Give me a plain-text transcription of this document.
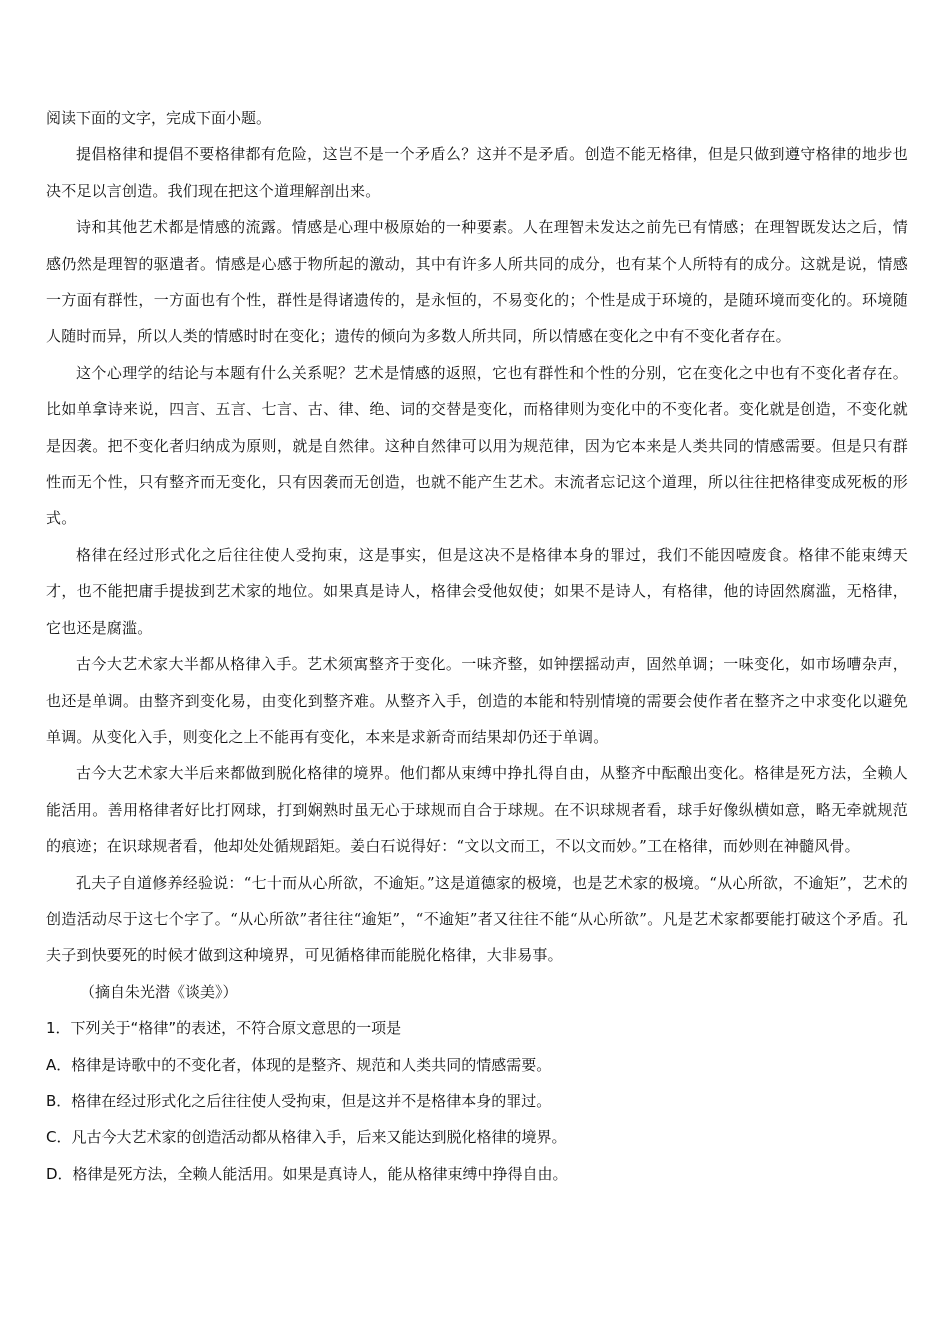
阅读下面的文字，完成下面小题。

提倡格律和提倡不要格律都有危险，这岂不是一个矛盾么？这并不是矛盾。创造不能无格律，但是只做到遵守格律的地步也决不足以言创造。我们现在把这个道理解剖出来。

诗和其他艺术都是情感的流露。情感是心理中极原始的一种要素。人在理智未发达之前先已有情感；在理智既发达之后，情感仍然是理智的驱遣者。情感是心感于物所起的激动，其中有许多人所共同的成分，也有某个人所特有的成分。这就是说，情感一方面有群性，一方面也有个性，群性是得诸遗传的，是永恒的，不易变化的；个性是成于环境的，是随环境而变化的。环境随人随时而异，所以人类的情感时时在变化；遗传的倾向为多数人所共同，所以情感在变化之中有不变化者存在。

这个心理学的结论与本题有什么关系呢？艺术是情感的返照，它也有群性和个性的分别，它在变化之中也有不变化者存在。比如单拿诗来说，四言、五言、七言、古、律、绝、词的交替是变化，而格律则为变化中的不变化者。变化就是创造，不变化就是因袭。把不变化者归纳成为原则，就是自然律。这种自然律可以用为规范律，因为它本来是人类共同的情感需要。但是只有群性而无个性，只有整齐而无变化，只有因袭而无创造，也就不能产生艺术。末流者忘记这个道理，所以往往把格律变成死板的形式。

格律在经过形式化之后往往使人受拘束，这是事实，但是这决不是格律本身的罪过，我们不能因噎废食。格律不能束缚天才，也不能把庸手提拔到艺术家的地位。如果真是诗人，格律会受他奴使；如果不是诗人，有格律，他的诗固然腐滥，无格律，它也还是腐滥。

古今大艺术家大半都从格律入手。艺术须寓整齐于变化。一味齐整，如钟摆摇动声，固然单调；一味变化，如市场嘈杂声，也还是单调。由整齐到变化易，由变化到整齐难。从整齐入手，创造的本能和特别情境的需要会使作者在整齐之中求变化以避免单调。从变化入手，则变化之上不能再有变化，本来是求新奇而结果却仍还于单调。

古今大艺术家大半后来都做到脱化格律的境界。他们都从束缚中挣扎得自由，从整齐中酝酿出变化。格律是死方法，全赖人能活用。善用格律者好比打网球，打到娴熟时虽无心于球规而自合于球规。在不识球规者看，球手好像纵横如意，略无牵就规范的痕迹；在识球规者看，他却处处循规蹈矩。姜白石说得好：“文以文而工，不以文而妙。”工在格律，而妙则在神髓风骨。

孔夫子自道修养经验说：“七十而从心所欲，不逾矩。”这是道德家的极境，也是艺术家的极境。“从心所欲，不逾矩”，艺术的创造活动尽于这七个字了。“从心所欲”者往往“逾矩”，“不逾矩”者又往往不能“从心所欲”。凡是艺术家都要能打破这个矛盾。孔夫子到快要死的时候才做到这种境界，可见循格律而能脱化格律，大非易事。

（摘自朱光潜《谈美》）

1．下列关于“格律”的表述，不符合原文意思的一项是

A．格律是诗歌中的不变化者，体现的是整齐、规范和人类共同的情感需要。

B．格律在经过形式化之后往往使人受拘束，但是这并不是格律本身的罪过。

C．凡古今大艺术家的创造活动都从格律入手，后来又能达到脱化格律的境界。

D．格律是死方法，全赖人能活用。如果是真诗人，能从格律束缚中挣得自由。
